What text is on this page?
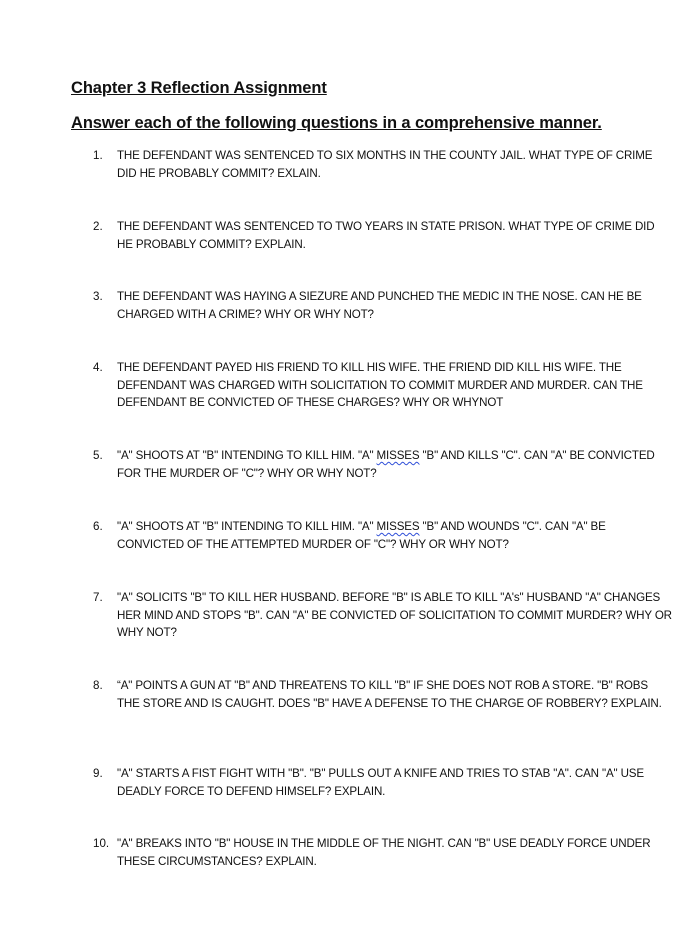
Chapter 3 Reflection Assignment
Answer each of the following questions in a comprehensive manner.
1.	THE DEFENDANT WAS SENTENCED TO SIX MONTHS IN THE COUNTY JAIL. WHAT TYPE OF CRIME DID HE PROBABLY COMMIT? EXLAIN.
2.	THE DEFENDANT WAS SENTENCED TO TWO YEARS IN STATE PRISON. WHAT TYPE OF CRIME DID HE PROBABLY COMMIT? EXPLAIN.
3.	THE DEFENDANT WAS HAYING A SIEZURE AND PUNCHED THE MEDIC IN THE NOSE. CAN HE BE CHARGED WITH A CRIME? WHY OR WHY NOT?
4.	THE DEFENDANT PAYED HIS FRIEND TO KILL HIS WIFE. THE FRIEND DID KILL HIS WIFE. THE DEFENDANT WAS CHARGED WITH SOLICITATION TO COMMIT MURDER AND MURDER. CAN THE DEFENDANT BE CONVICTED OF THESE CHARGES? WHY OR WHYNOT
5.	"A" SHOOTS AT "B" INTENDING TO KILL HIM. "A" MISSES "B" AND KILLS "C". CAN "A" BE CONVICTED FOR THE MURDER OF "C"? WHY OR WHY NOT?
6.	"A" SHOOTS AT "B" INTENDING TO KILL HIM. "A" MISSES "B" AND WOUNDS "C". CAN "A" BE CONVICTED OF THE ATTEMPTED MURDER OF "C"? WHY OR WHY NOT?
7.	"A'' SOLICITS "B" TO KILL HER HUSBAND. BEFORE "B" IS ABLE TO KILL "A's" HUSBAND "A" CHANGES HER MIND AND STOPS "B". CAN "A" BE CONVICTED OF SOLICITATION TO COMMIT MURDER? WHY OR WHY NOT?
8.	“A" POINTS A GUN AT "B" AND THREATENS TO KILL "B" IF SHE DOES NOT ROB A STORE. "B" ROBS THE STORE AND IS CAUGHT. DOES "B" HAVE A DEFENSE TO THE CHARGE OF ROBBERY? EXPLAIN.
9.	"A" STARTS A FIST FIGHT WITH "B". "B" PULLS OUT A KNIFE AND TRIES TO STAB "A". CAN "A" USE DEADLY FORCE TO DEFEND HIMSELF? EXPLAIN.
10. "A" BREAKS INTO "B" HOUSE IN THE MIDDLE OF THE NIGHT. CAN "B" USE DEADLY FORCE UNDER THESE CIRCUMSTANCES? EXPLAIN.
